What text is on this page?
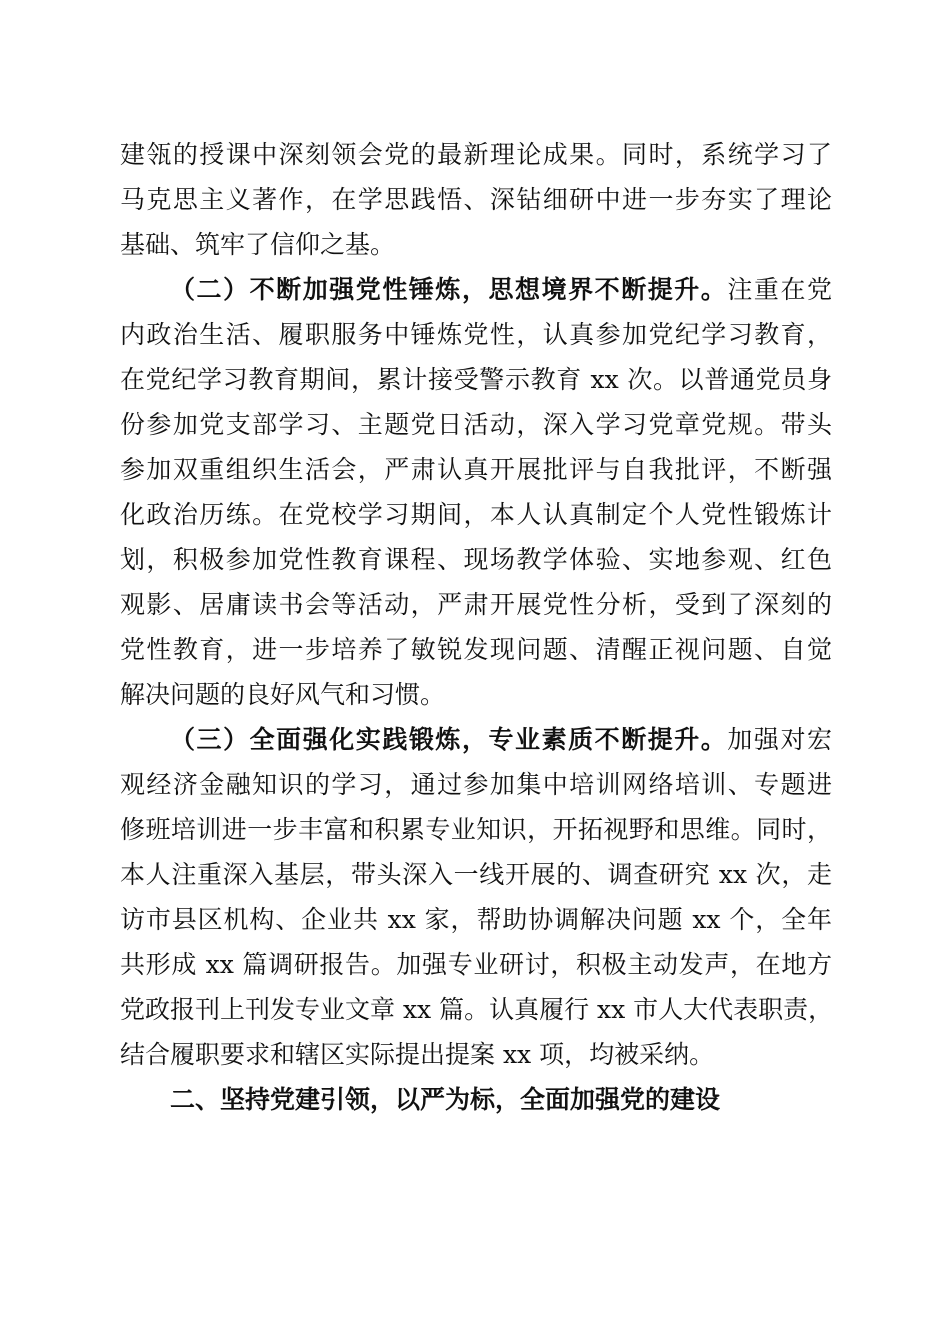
建瓴的授课中深刻领会党的最新理论成果。同时，系统学习了
马克思主义著作，在学思践悟、深钻细研中进一步夯实了理论
基础、筑牢了信仰之基。

（二）不断加强党性锤炼，思想境界不断提升。注重在党
内政治生活、履职服务中锤炼党性，认真参加党纪学习教育，
在党纪学习教育期间，累计接受警示教育 xx 次。以普通党员身
份参加党支部学习、主题党日活动，深入学习党章党规。带头
参加双重组织生活会，严肃认真开展批评与自我批评，不断强
化政治历练。在党校学习期间，本人认真制定个人党性锻炼计
划，积极参加党性教育课程、现场教学体验、实地参观、红色
观影、居庸读书会等活动，严肃开展党性分析，受到了深刻的
党性教育，进一步培养了敏锐发现问题、清醒正视问题、自觉
解决问题的良好风气和习惯。

（三）全面强化实践锻炼，专业素质不断提升。加强对宏
观经济金融知识的学习，通过参加集中培训网络培训、专题进
修班培训进一步丰富和积累专业知识，开拓视野和思维。同时，
本人注重深入基层，带头深入一线开展的、调查研究 xx 次，走
访市县区机构、企业共 xx 家，帮助协调解决问题 xx 个，全年
共形成 xx 篇调研报告。加强专业研讨，积极主动发声，在地方
党政报刊上刊发专业文章 xx 篇。认真履行 xx 市人大代表职责，
结合履职要求和辖区实际提出提案 xx 项，均被采纳。

二、坚持党建引领，以严为标，全面加强党的建设
